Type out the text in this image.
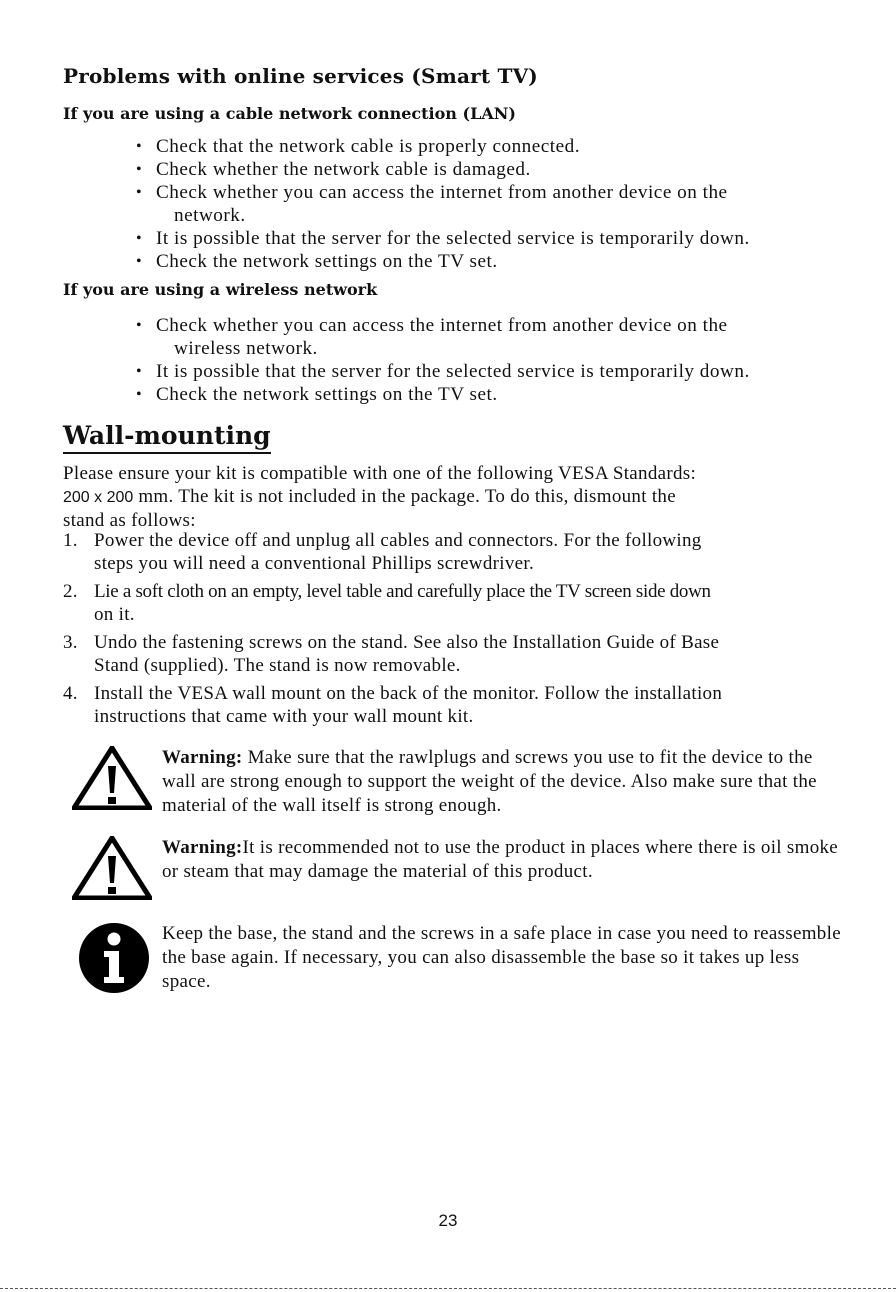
Problems with online services (Smart TV)
If you are using a cable network connection (LAN)
• Check that the network cable is properly connected.
• Check whether the network cable is damaged.
• Check whether you can access the internet from another device on the
network.
• It is possible that the server for the selected service is temporarily down.
• Check the network settings on the TV set.
If you are using a wireless network
• Check whether you can access the internet from another device on the
wireless network.
• It is possible that the server for the selected service is temporarily down.
• Check the network settings on the TV set.
Wall-mounting
Please ensure your kit is compatible with one of the following VESA Standards:
200 x 200 mm. The kit is not included in the package. To do this, dismount the
stand as follows:
1. Power the device off and unplug all cables and connectors. For the following
steps you will need a conventional Phillips screwdriver.
2. Lie a soft cloth on an empty, level table and carefully place the TV screen side down
on it.
3. Undo the fastening screws on the stand. See also the Installation Guide of Base
Stand (supplied). The stand is now removable.
4. Install the VESA wall mount on the back of the monitor. Follow the installation
instructions that came with your wall mount kit.
Warning: Make sure that the rawlplugs and screws you use to fit the device to the wall are strong enough to support the weight of the device. Also make sure that the material of the wall itself is strong enough.
Warning:It is recommended not to use the product in places where there is oil smoke or steam that may damage the material of this product.
Keep the base, the stand and the screws in a safe place in case you need to reassemble the base again. If necessary, you can also disassemble the base so it takes up less space.
23
